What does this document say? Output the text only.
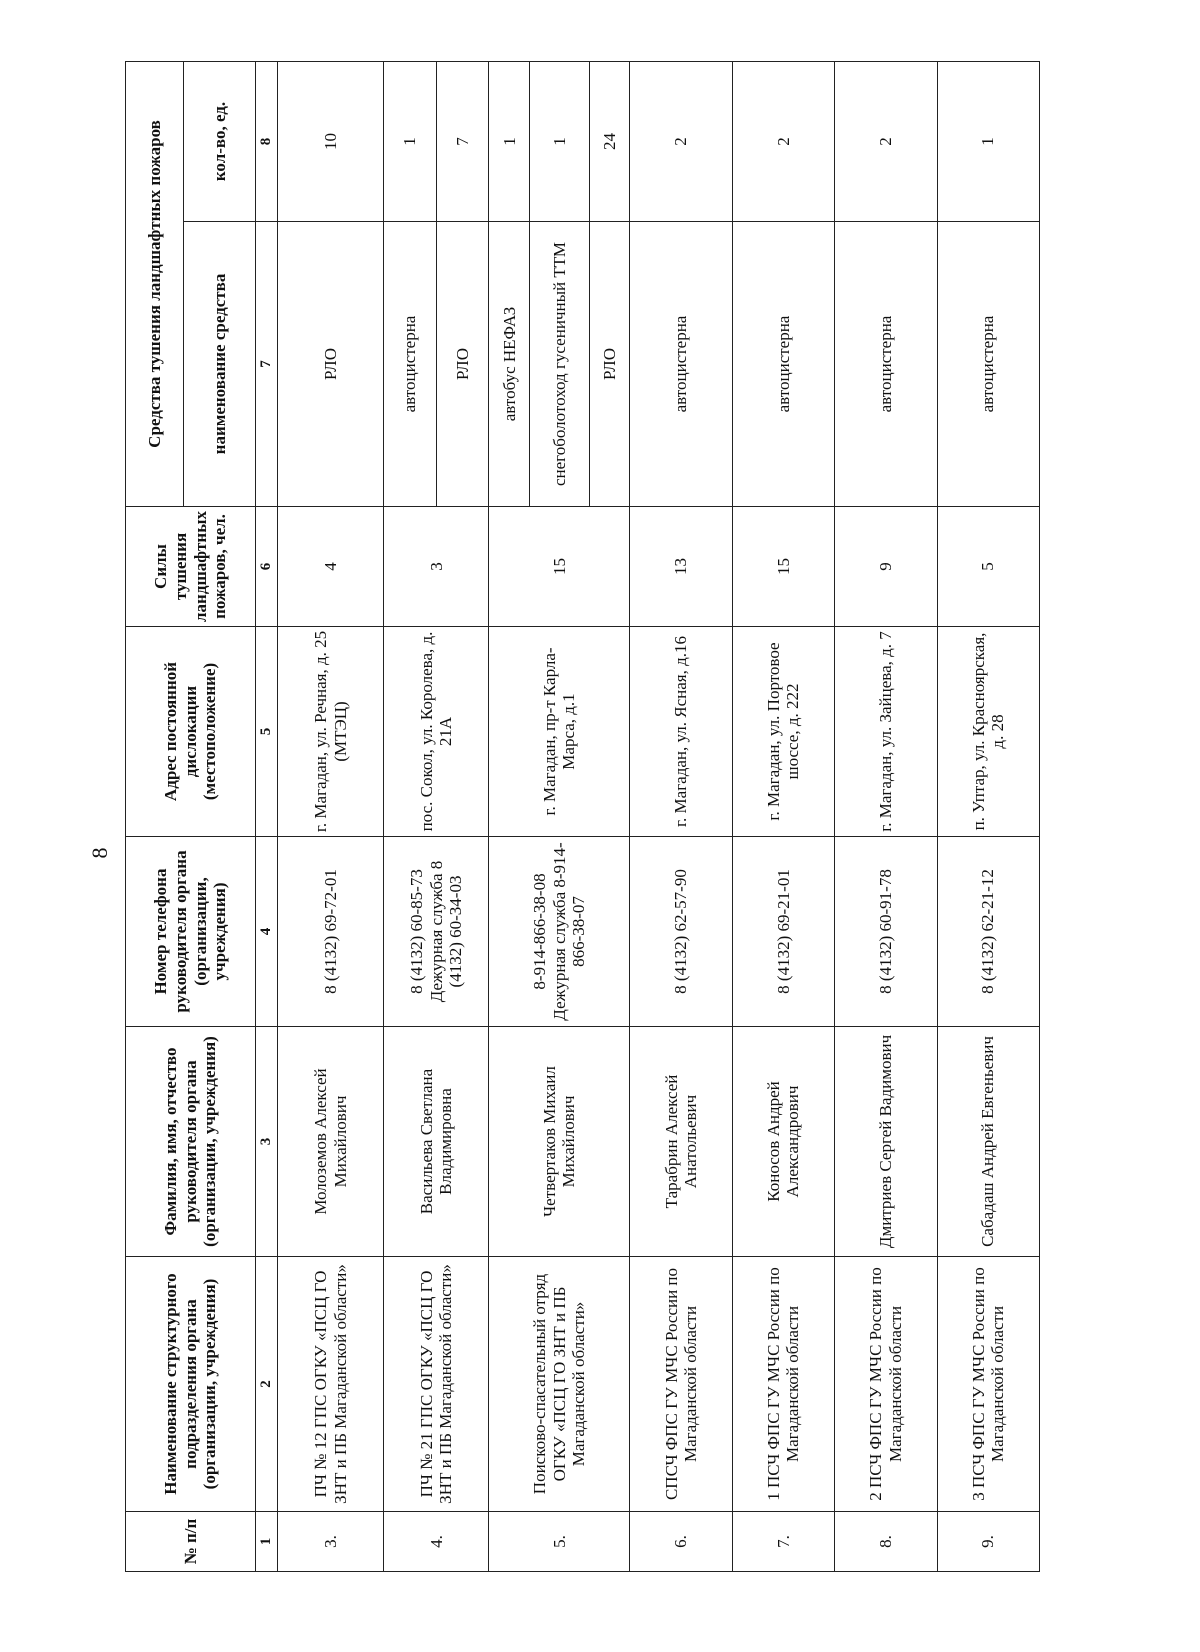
8
№ п/п	Наименование структурного подразделения органа (организации, учреждения)	Фамилия, имя, отчество руководителя органа (организации, учреждения)	Номер телефона руководителя органа (организации, учреждения)	Адрес постоянной дислокации (местоположение)	Силы тушения ландшафтных пожаров, чел.	Средства тушения ландшафтных пожаров	
						наименование средства	кол-во, ед.
1	2	3	4	5	6	7	8
3.	ПЧ № 12 ГПС ОГКУ «ПСЦ ГО ЗНТ и ПБ Магаданской области»	Молоземов Алексей Михайлович	8 (4132) 69-72-01	г. Магадан, ул. Речная, д. 25 (МТЭЦ)	4	РЛО	10
4.	ПЧ № 21 ГПС ОГКУ «ПСЦ ГО ЗНТ и ПБ Магаданской области»	Васильева Светлана Владимировна	8 (4132) 60-85-73 Дежурная служба 8 (4132) 60-34-03	пос. Сокол, ул. Королева, д. 21А	3	автоцистерна	1
						РЛО	7
5.	Поисково-спасательный отряд ОГКУ «ПСЦ ГО ЗНТ и ПБ Магаданской области»	Четвертаков Михаил Михайлович	8-914-866-38-08 Дежурная служба 8-914-866-38-07	г. Магадан, пр-т Карла-Марса, д.1	15	автобус НЕФАЗ	1
						снегоболотоход гусеничный ТТМ	1
						РЛО	24
6.	СПСЧ ФПС ГУ МЧС России по Магаданской области	Тарабрин Алексей Анатольевич	8 (4132) 62-57-90	г. Магадан, ул. Ясная, д.16	13	автоцистерна	2
7.	1 ПСЧ ФПС ГУ МЧС России по Магаданской области	Коносов Андрей Александрович	8 (4132) 69-21-01	г. Магадан, ул. Портовое шоссе, д. 222	15	автоцистерна	2
8.	2 ПСЧ ФПС ГУ МЧС России по Магаданской области	Дмитриев Сергей Вадимович	8 (4132) 60-91-78	г. Магадан, ул. Зайцева, д. 7	9	автоцистерна	2
9.	3 ПСЧ ФПС ГУ МЧС России по Магаданской области	Сабадаш Андрей Евгеньевич	8 (4132) 62-21-12	п. Уптар, ул. Красноярская, д. 28	5	автоцистерна	1
